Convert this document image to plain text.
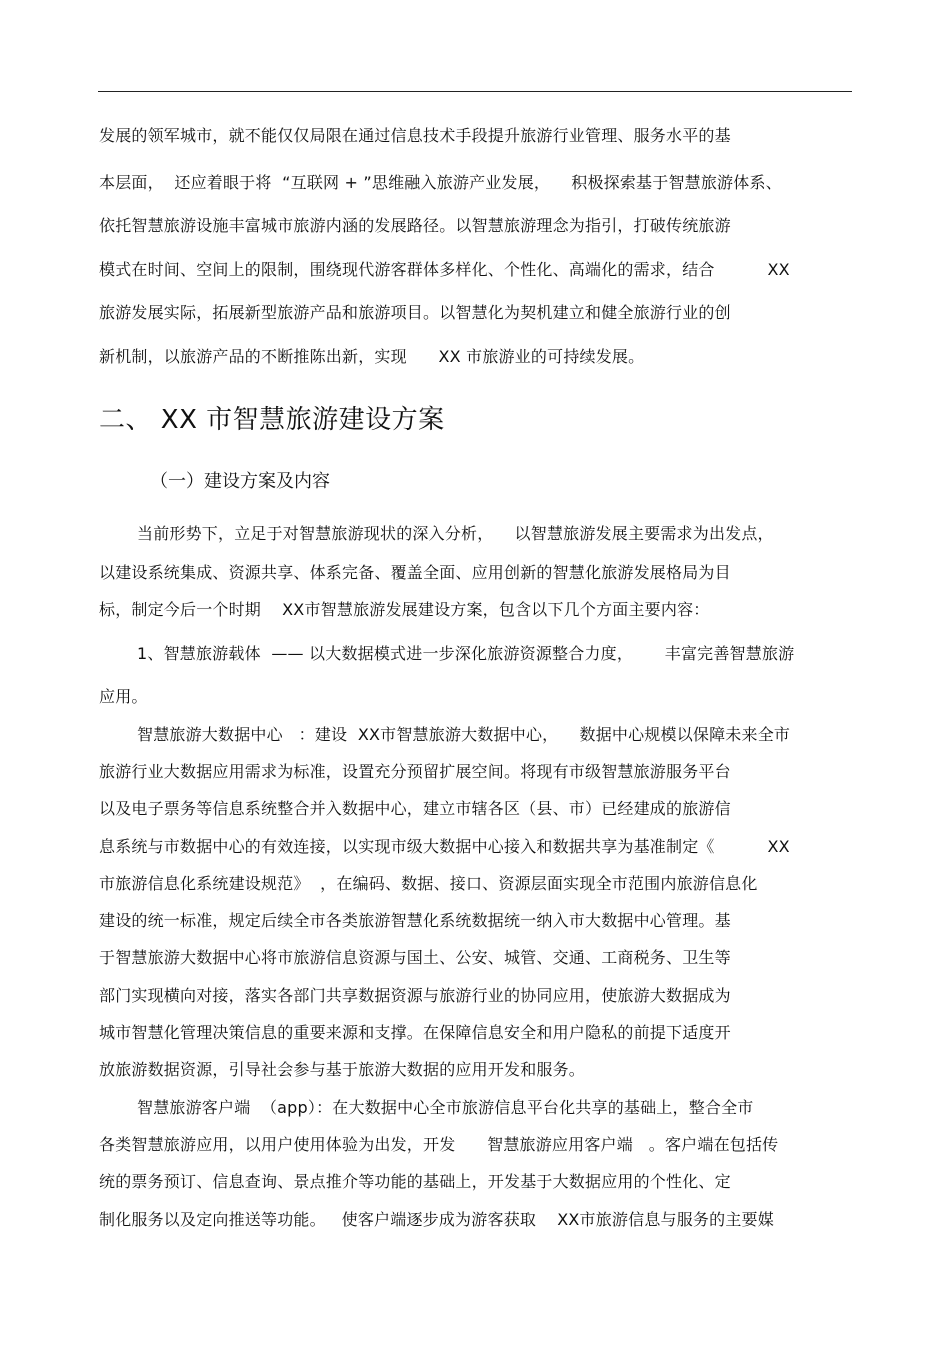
发展的领军城市，就不能仅仅局限在通过信息技术手段提升旅游行业管理、服务水平的基
本层面，  还应着眼于将  “互联网 + ”思维融入旅游产业发展，    积极探索基于智慧旅游体系、
依托智慧旅游设施丰富城市旅游内涵的发展路径。以智慧旅游理念为指引，打破传统旅游
模式在时间、空间上的限制，围绕现代游客群体多样化、个性化、高端化的需求，结合          XX
旅游发展实际，拓展新型旅游产品和旅游项目。以智慧化为契机建立和健全旅游行业的创
新机制，以旅游产品的不断推陈出新，实现      XX 市旅游业的可持续发展。
二、 XX 市智慧旅游建设方案
（一）建设方案及内容
当前形势下，立足于对智慧旅游现状的深入分析，    以智慧旅游发展主要需求为出发点，
以建设系统集成、资源共享、体系完备、覆盖全面、应用创新的智慧化旅游发展格局为目
标，制定今后一个时期    XX市智慧旅游发展建设方案，包含以下几个方面主要内容：
1、智慧旅游载体  —— 以大数据模式进一步深化旅游资源整合力度，      丰富完善智慧旅游
应用。
智慧旅游大数据中心   ：建设  XX市智慧旅游大数据中心，    数据中心规模以保障未来全市
旅游行业大数据应用需求为标准，设置充分预留扩展空间。将现有市级智慧旅游服务平台
以及电子票务等信息系统整合并入数据中心，建立市辖各区（县、市）已经建成的旅游信
息系统与市数据中心的有效连接，以实现市级大数据中心接入和数据共享为基准制定《          XX
市旅游信息化系统建设规范》  ，在编码、数据、接口、资源层面实现全市范围内旅游信息化
建设的统一标准，规定后续全市各类旅游智慧化系统数据统一纳入市大数据中心管理。基
于智慧旅游大数据中心将市旅游信息资源与国土、公安、城管、交通、工商税务、卫生等
部门实现横向对接，落实各部门共享数据资源与旅游行业的协同应用，使旅游大数据成为
城市智慧化管理决策信息的重要来源和支撑。在保障信息安全和用户隐私的前提下适度开
放旅游数据资源，引导社会参与基于旅游大数据的应用开发和服务。
智慧旅游客户端  （app）：在大数据中心全市旅游信息平台化共享的基础上，整合全市
各类智慧旅游应用，以用户使用体验为出发，开发      智慧旅游应用客户端   。客户端在包括传
统的票务预订、信息查询、景点推介等功能的基础上，开发基于大数据应用的个性化、定
制化服务以及定向推送等功能。   使客户端逐步成为游客获取    XX市旅游信息与服务的主要媒
